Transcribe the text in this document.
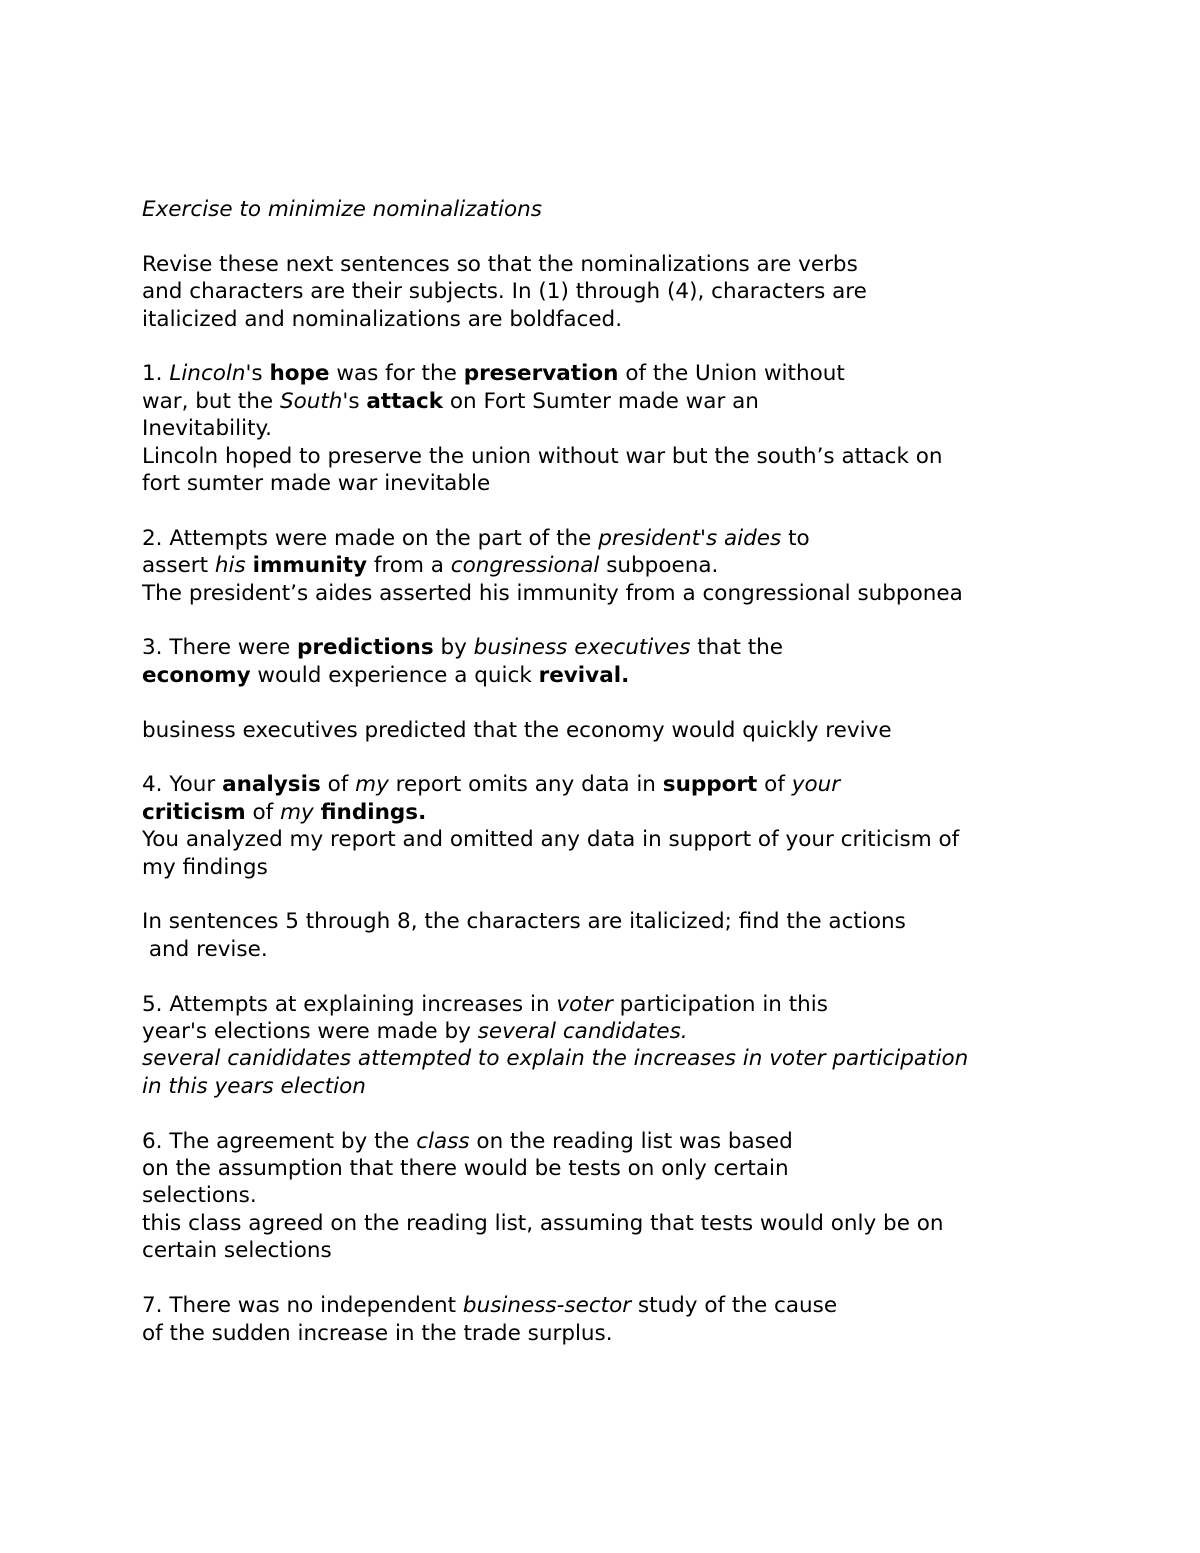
Exercise to minimize nominalizations
Revise these next sentences so that the nominalizations are verbs
and characters are their subjects. In (1) through (4), characters are
italicized and nominalizations are boldfaced.
1. Lincoln's hope was for the preservation of the Union without
war, but the South's attack on Fort Sumter made war an
Inevitability.
Lincoln hoped to preserve the union without war but the south’s attack on
fort sumter made war inevitable
2. Attempts were made on the part of the president's aides to
assert his immunity from a congressional subpoena.
The president’s aides asserted his immunity from a congressional subponea
3. There were predictions by business executives that the
economy would experience a quick revival.
business executives predicted that the economy would quickly revive
4. Your analysis of my report omits any data in support of your
criticism of my findings.
You analyzed my report and omitted any data in support of your criticism of
my findings
In sentences 5 through 8, the characters are italicized; find the actions
and revise.
5. Attempts at explaining increases in voter participation in this
year's elections were made by several candidates.
several canididates attempted to explain the increases in voter participation
in this years election
6. The agreement by the class on the reading list was based
on the assumption that there would be tests on only certain
selections.
this class agreed on the reading list, assuming that tests would only be on
certain selections
7. There was no independent business-sector study of the cause
of the sudden increase in the trade surplus.
